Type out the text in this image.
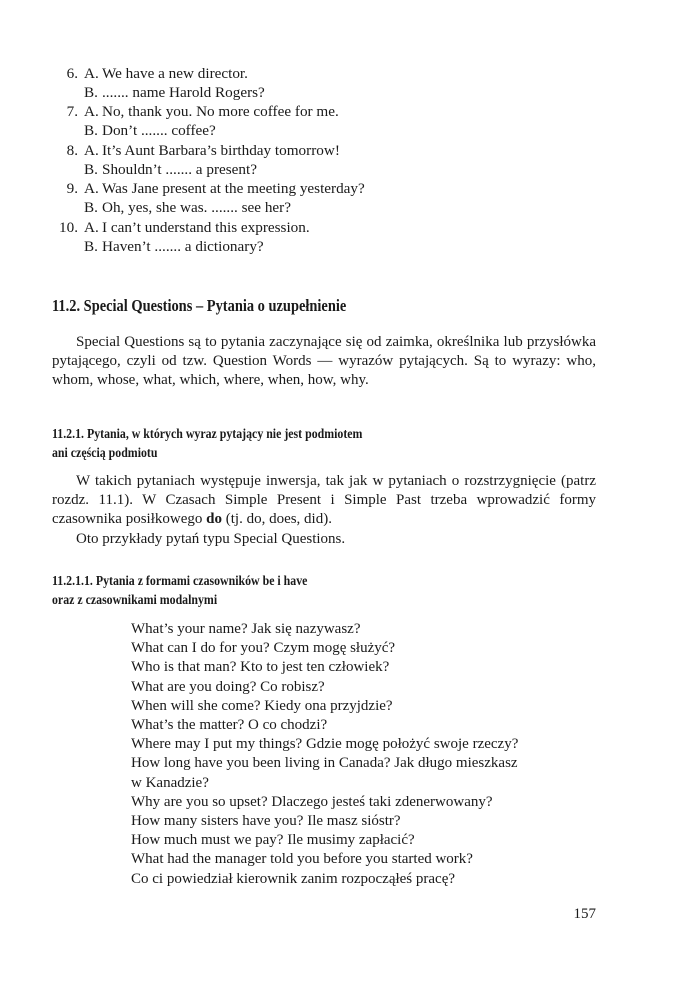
6. A. We have a new director.
B. ....... name Harold Rogers?
7. A. No, thank you. No more coffee for me.
B. Don’t ....... coffee?
8. A. It’s Aunt Barbara’s birthday tomorrow!
B. Shouldn’t ....... a present?
9. A. Was Jane present at the meeting yesterday?
B. Oh, yes, she was. ....... see her?
10. A. I can’t understand this expression.
B. Haven’t ....... a dictionary?
11.2. Special Questions – Pytania o uzupełnienie

Special Questions są to pytania zaczynające się od zaimka, określnika lub przysłówka pytającego, czyli od tzw. Question Words — wyrazów pytających. Są to wyrazy: who, whom, whose, what, which, where, when, how, why.

11.2.1. Pytania, w których wyraz pytający nie jest podmiotem
ani częścią podmiotu

W takich pytaniach występuje inwersja, tak jak w pytaniach o rozstrzygnięcie (patrz rozdz. 11.1). W Czasach Simple Present i Simple Past trzeba wprowadzić formy czasownika posiłkowego do (tj. do, does, did).

Oto przykłady pytań typu Special Questions.

11.2.1.1. Pytania z formami czasowników be i have
oraz z czasownikami modalnymi
What’s your name? Jak się nazywasz?
What can I do for you? Czym mogę służyć?
Who is that man? Kto to jest ten człowiek?
What are you doing? Co robisz?
When will she come? Kiedy ona przyjdzie?
What’s the matter? O co chodzi?
Where may I put my things? Gdzie mogę położyć swoje rzeczy?
How long have you been living in Canada? Jak długo mieszkasz
w Kanadzie?
Why are you so upset? Dlaczego jesteś taki zdenerwowany?
How many sisters have you? Ile masz sióstr?
How much must we pay? Ile musimy zapłacić?
What had the manager told you before you started work?
Co ci powiedział kierownik zanim rozpocząłeś pracę?
157
